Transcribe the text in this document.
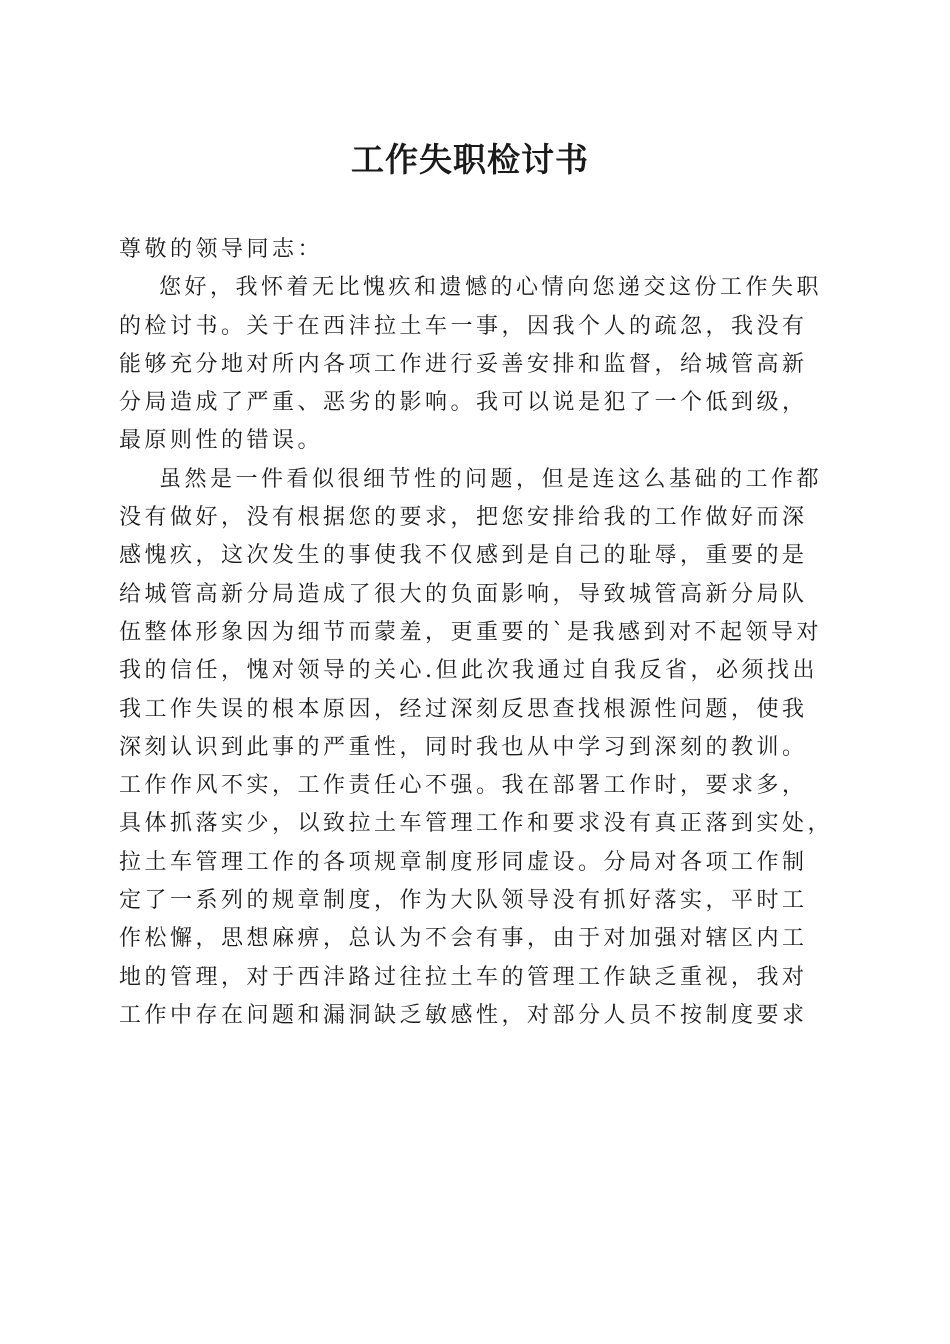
工作失职检讨书
尊敬的领导同志：
您好，我怀着无比愧疚和遗憾的心情向您递交这份工作失职
的检讨书。关于在西沣拉土车一事，因我个人的疏忽，我没有
能够充分地对所内各项工作进行妥善安排和监督，给城管高新
分局造成了严重、恶劣的影响。我可以说是犯了一个低到级，
最原则性的错误。
虽然是一件看似很细节性的问题，但是连这么基础的工作都
没有做好，没有根据您的要求，把您安排给我的工作做好而深
感愧疚，这次发生的事使我不仅感到是自己的耻辱，重要的是
给城管高新分局造成了很大的负面影响，导致城管高新分局队
伍整体形象因为细节而蒙羞，更重要的`是我感到对不起领导对
我的信任，愧对领导的关心.但此次我通过自我反省，必须找出
我工作失误的根本原因，经过深刻反思查找根源性问题，使我
深刻认识到此事的严重性，同时我也从中学习到深刻的教训。
工作作风不实，工作责任心不强。我在部署工作时，要求多，
具体抓落实少，以致拉土车管理工作和要求没有真正落到实处，
拉土车管理工作的各项规章制度形同虚设。分局对各项工作制
定了一系列的规章制度，作为大队领导没有抓好落实，平时工
作松懈，思想麻痹，总认为不会有事，由于对加强对辖区内工
地的管理，对于西沣路过往拉土车的管理工作缺乏重视，我对
工作中存在问题和漏洞缺乏敏感性，对部分人员不按制度要求
